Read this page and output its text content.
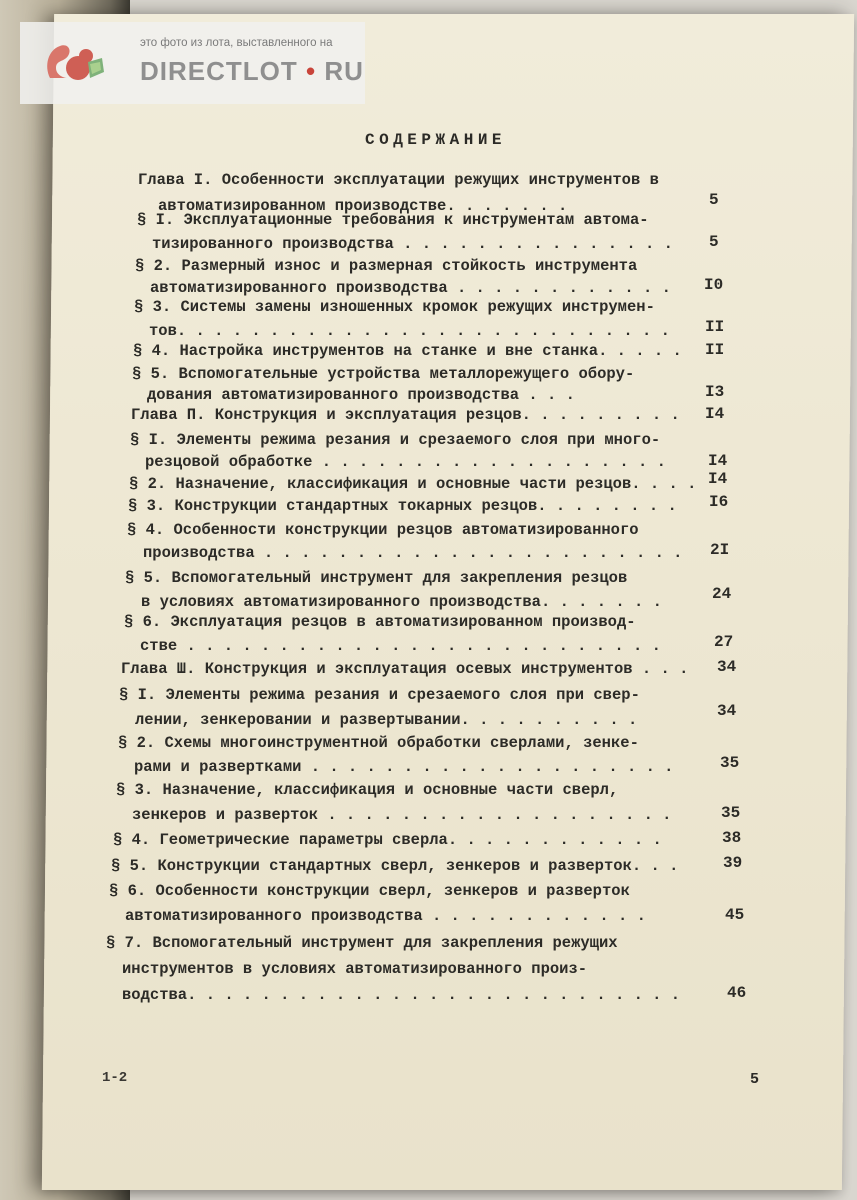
это фото из лота, выставленного на
DIRECTLOT • RU
СОДЕРЖАНИЕ
Глава I. Особенности эксплуатации режущих инструментов в
автоматизированном производстве. . . . . . .	5
§ I. Эксплуатационные требования к инструментам автома-
тизированного производства . . . . . . . . . . . . . . . 5
§ 2. Размерный износ и размерная стойкость инструмента
автоматизированного производства . . . . . . . . . . . . I0
§ 3. Системы замены изношенных кромок режущих инструмен-
тов. . . . . . . . . . . . . . . . . . . . . . . . . . . II
§ 4. Настройка инструментов на станке и вне станка. . . . . II
§ 5. Вспомогательные устройства металлорежущего обору-
дования автоматизированного производства . . .	I3
Глава П. Конструкция и эксплуатация резцов. . . . . . . . . I4
§ I. Элементы режима резания и срезаемого слоя при много-
резцовой обработке . . . . . . . . . . . . . . . . . . .	I4
§ 2. Назначение, классификация и основные части резцов. . . . I4
§ 3. Конструкции стандартных токарных резцов. . . . . . . . I6
§ 4. Особенности конструкции резцов автоматизированного
производства . . . . . . . . . . . . . . . . . . . . . . . 2I
§ 5. Вспомогательный инструмент для закрепления резцов
в условиях автоматизированного производства. . . . . . .	24
§ 6. Эксплуатация резцов в автоматизированном производ-
стве . . . . . . . . . . . . . . . . . . . . . . . . . .	27
Глава Ш. Конструкция и эксплуатация осевых инструментов . . . 34
§ I. Элементы режима резания и срезаемого слоя при свер-
лении, зенкеровании и развертывании. . . . . . . . . .	34
§ 2. Схемы многоинструментной обработки сверлами, зенке-
рами и развертками . . . . . . . . . . . . . . . . . . . .	35
§ 3. Назначение, классификация и основные части сверл,
зенкеров и разверток . . . . . . . . . . . . . . . . . . .	35
§ 4. Геометрические параметры сверла. . . . . . . . . . . .	38
§ 5. Конструкции стандартных сверл, зенкеров и разверток. . .	39
§ 6. Особенности конструкции сверл, зенкеров и разверток
автоматизированного производства . . . . . . . . . . . .	45
§ 7. Вспомогательный инструмент для закрепления режущих
инструментов в условиях автоматизированного произ-
водства. . . . . . . . . . . . . . . . . . . . . . . . . . .	46
1-2	5
